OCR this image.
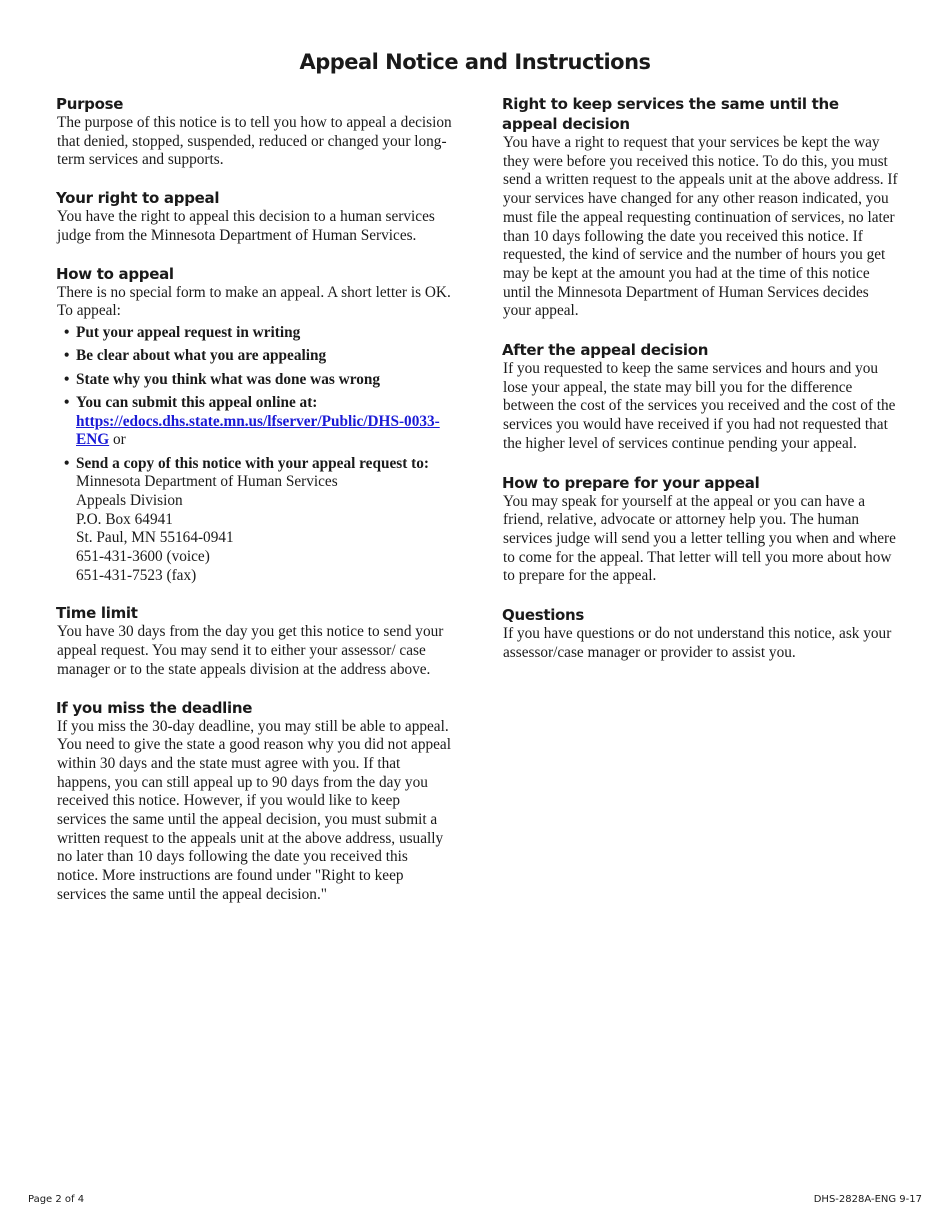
Appeal Notice and Instructions
Purpose

The purpose of this notice is to tell you how to appeal a decision that denied, stopped, suspended, reduced or changed your long-term services and supports.

Your right to appeal

You have the right to appeal this decision to a human services judge from the Minnesota Department of Human Services.

How to appeal

There is no special form to make an appeal. A short letter is OK. To appeal:

• Put your appeal request in writing
• Be clear about what you are appealing
• State why you think what was done was wrong
• You can submit this appeal online at:
https://edocs.dhs.state.mn.us/lfserver/Public/DHS-0033-ENG or
• Send a copy of this notice with your appeal request to:
Minnesota Department of Human Services
Appeals Division
P.O. Box 64941
St. Paul, MN 55164-0941
651-431-3600 (voice)
651-431-7523 (fax)
Time limit

You have 30 days from the day you get this notice to send your appeal request. You may send it to either your assessor/ case manager or to the state appeals division at the address above.

If you miss the deadline

If you miss the 30-day deadline, you may still be able to appeal. You need to give the state a good reason why you did not appeal within 30 days and the state must agree with you. If that happens, you can still appeal up to 90 days from the day you received this notice. However, if you would like to keep services the same until the appeal decision, you must submit a written request to the appeals unit at the above address, usually no later than 10 days following the date you received this notice. More instructions are found under "Right to keep services the same until the appeal decision."

Right to keep services the same until the appeal decision

You have a right to request that your services be kept the way they were before you received this notice. To do this, you must send a written request to the appeals unit at the above address. If your services have changed for any other reason indicated, you must file the appeal requesting continuation of services, no later than 10 days following the date you received this notice. If requested, the kind of service and the number of hours you get may be kept at the amount you had at the time of this notice until the Minnesota Department of Human Services decides your appeal.

After the appeal decision

If you requested to keep the same services and hours and you lose your appeal, the state may bill you for the difference between the cost of the services you received and the cost of the services you would have received if you had not requested that the higher level of services continue pending your appeal.

How to prepare for your appeal

You may speak for yourself at the appeal or you can have a friend, relative, advocate or attorney help you. The human services judge will send you a letter telling you when and where to come for the appeal. That letter will tell you more about how to prepare for the appeal.

Questions

If you have questions or do not understand this notice, ask your assessor/case manager or provider to assist you.

Page 2 of 4	DHS-2828A-ENG 9-17
